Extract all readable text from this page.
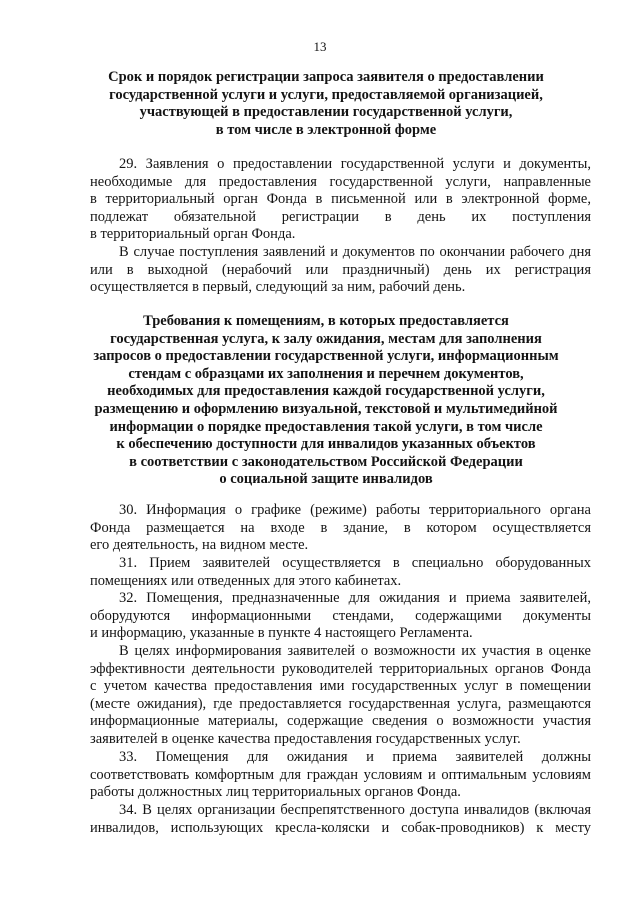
13
Срок и порядок регистрации запроса заявителя о предоставлении
государственной услуги и услуги, предоставляемой организацией,
участвующей в предоставлении государственной услуги,
в том числе в электронной форме
29. Заявления о предоставлении государственной услуги и документы,
необходимые для предоставления государственной услуги, направленные
в территориальный орган Фонда в письменной или в электронной форме,
подлежат обязательной регистрации в день их поступления
в территориальный орган Фонда.
В случае поступления заявлений и документов по окончании рабочего дня
или в выходной (нерабочий или праздничный) день их регистрация
осуществляется в первый, следующий за ним, рабочий день.
Требования к помещениям, в которых предоставляется
государственная услуга, к залу ожидания, местам для заполнения
запросов о предоставлении государственной услуги, информационным
стендам с образцами их заполнения и перечнем документов,
необходимых для предоставления каждой государственной услуги,
размещению и оформлению визуальной, текстовой и мультимедийной
информации о порядке предоставления такой услуги, в том числе
к обеспечению доступности для инвалидов указанных объектов
в соответствии с законодательством Российской Федерации
о социальной защите инвалидов
30. Информация о графике (режиме) работы территориального органа
Фонда размещается на входе в здание, в котором осуществляется
его деятельность, на видном месте.
31. Прием заявителей осуществляется в специально оборудованных
помещениях или отведенных для этого кабинетах.
32. Помещения, предназначенные для ожидания и приема заявителей,
оборудуются информационными стендами, содержащими документы
и информацию, указанные в пункте 4 настоящего Регламента.
В целях информирования заявителей о возможности их участия в оценке
эффективности деятельности руководителей территориальных органов Фонда
с учетом качества предоставления ими государственных услуг в помещении
(месте ожидания), где предоставляется государственная услуга, размещаются
информационные материалы, содержащие сведения о возможности участия
заявителей в оценке качества предоставления государственных услуг.
33. Помещения для ожидания и приема заявителей должны
соответствовать комфортным для граждан условиям и оптимальным условиям
работы должностных лиц территориальных органов Фонда.
34. В целях организации беспрепятственного доступа инвалидов (включая
инвалидов, использующих кресла-коляски и собак-проводников) к месту
